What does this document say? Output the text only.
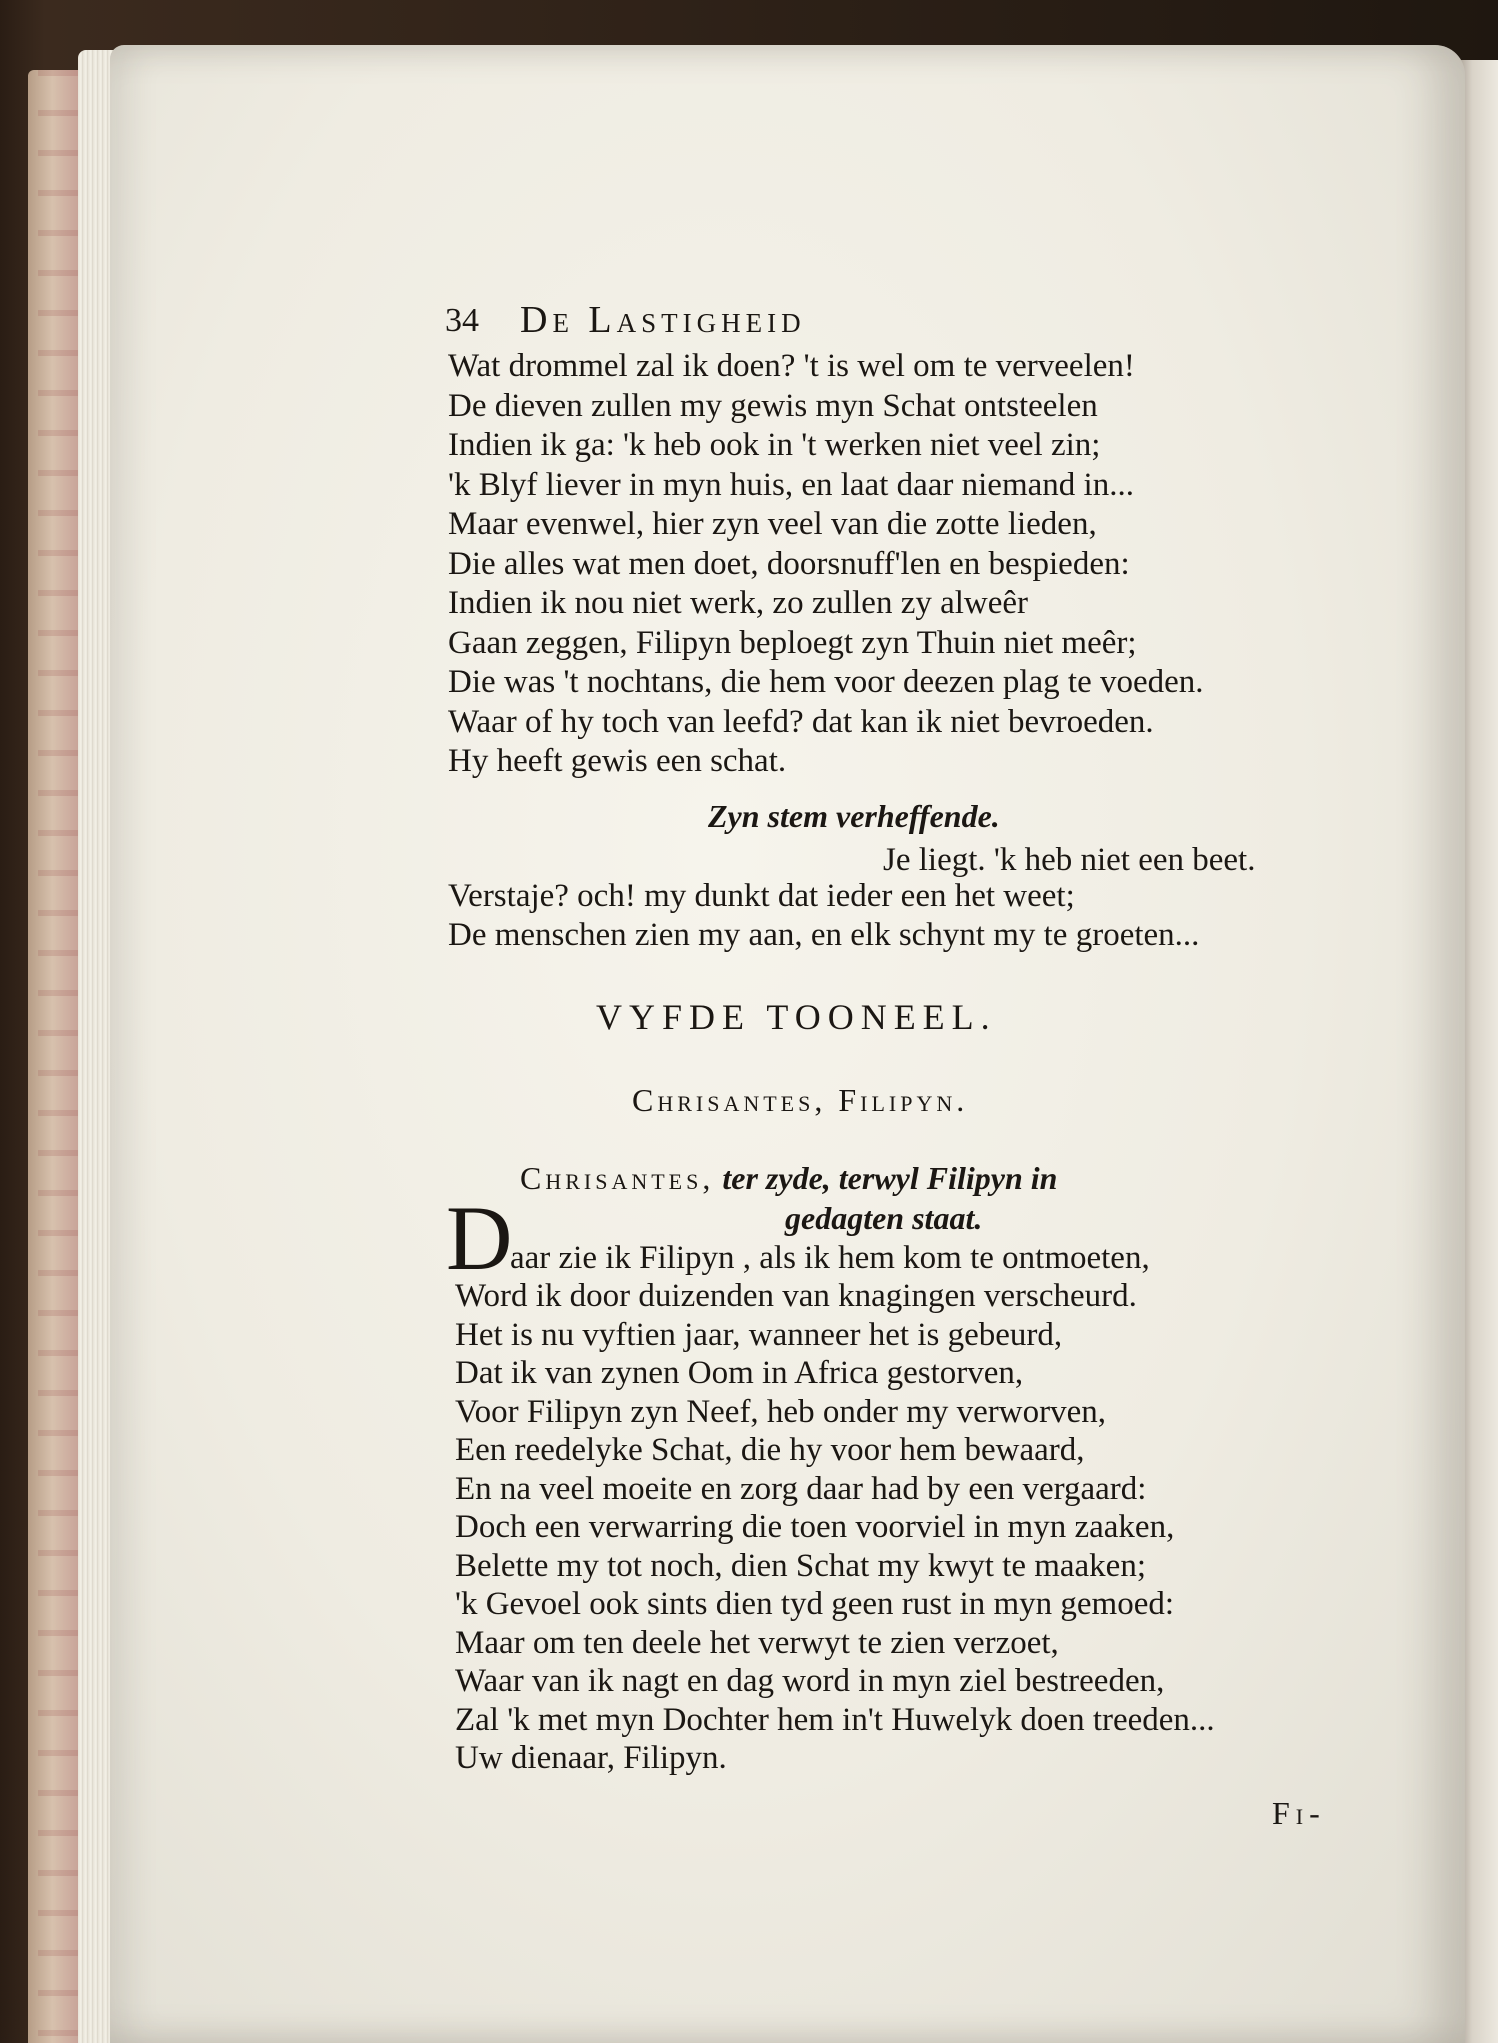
34 De Lastigheid
Wat drommel zal ik doen? 't is wel om te verveelen!
De dieven zullen my gewis myn Schat ontsteelen
Indien ik ga: 'k heb ook in 't werken niet veel zin;
'k Blyf liever in myn huis, en laat daar niemand in...
Maar evenwel, hier zyn veel van die zotte lieden,
Die alles wat men doet, doorsnuff'len en bespieden:
Indien ik nou niet werk, zo zullen zy alweêr
Gaan zeggen, Filipyn beploegt zyn Thuin niet meêr;
Die was 't nochtans, die hem voor deezen plag te voeden.
Waar of hy toch van leefd? dat kan ik niet bevroeden.
Hy heeft gewis een schat.
Zyn stem verheffende.
Je liegt. 'k heb niet een beet.
Verstaje? och! my dunkt dat ieder een het weet;
De menschen zien my aan, en elk schynt my te groeten...
VYFDE TOONEEL.
Chrisantes, Filipyn.
Chrisantes, ter zyde, terwyl Filipyn in
gedagten staat.
D
aar zie ik Filipyn , als ik hem kom te ontmoeten,
Word ik door duizenden van knagingen verscheurd.
Het is nu vyftien jaar, wanneer het is gebeurd,
Dat ik van zynen Oom in Africa gestorven,
Voor Filipyn zyn Neef, heb onder my verworven,
Een reedelyke Schat, die hy voor hem bewaard,
En na veel moeite en zorg daar had by een vergaard:
Doch een verwarring die toen voorviel in myn zaaken,
Belette my tot noch, dien Schat my kwyt te maaken;
'k Gevoel ook sints dien tyd geen rust in myn gemoed:
Maar om ten deele het verwyt te zien verzoet,
Waar van ik nagt en dag word in myn ziel bestreeden,
Zal 'k met myn Dochter hem in't Huwelyk doen treeden...
Uw dienaar, Filipyn.
Fi-
